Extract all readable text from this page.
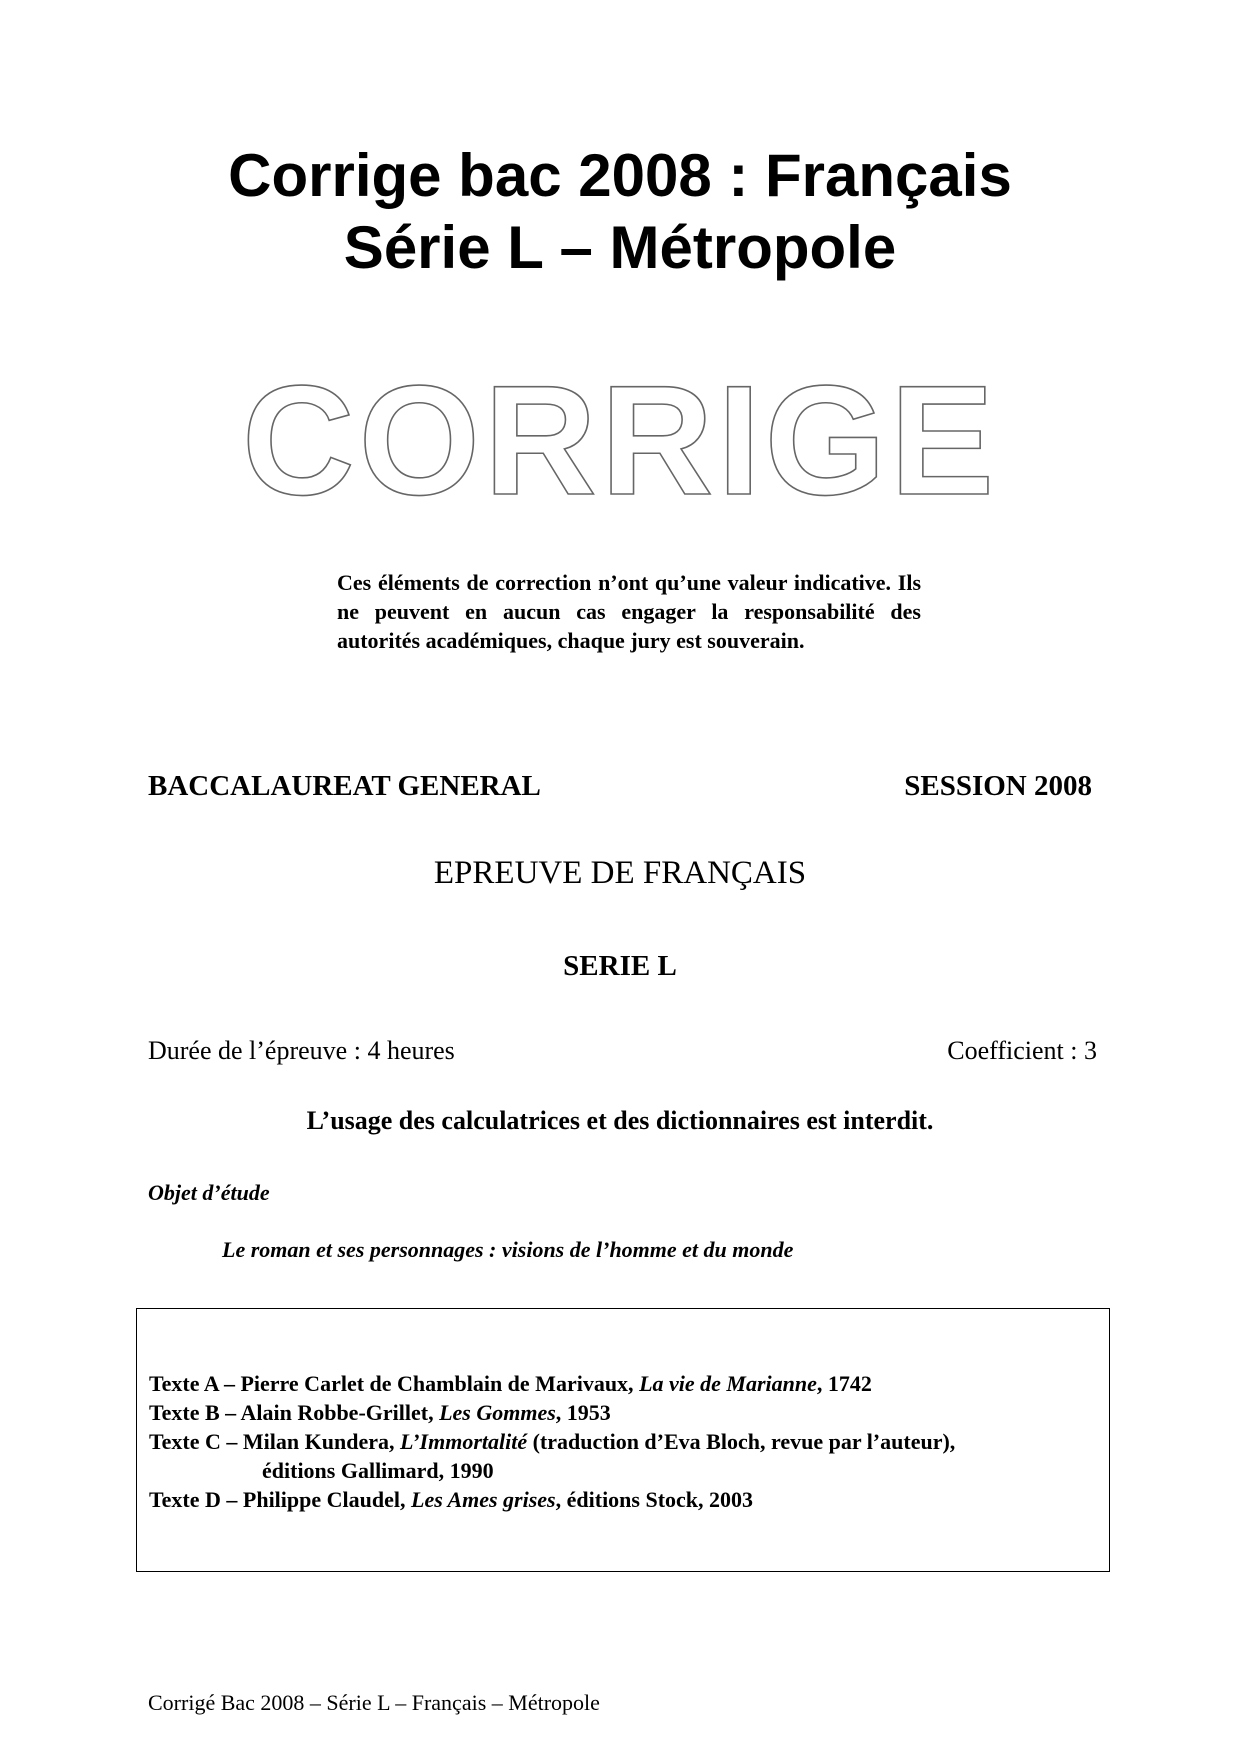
Corrige bac 2008 : Français
Série L – Métropole
CORRIGE
Ces éléments de correction n’ont qu’une valeur indicative. Ils ne peuvent en aucun cas engager la responsabilité des autorités académiques, chaque jury est souverain.
BACCALAUREAT GENERAL	SESSION 2008
EPREUVE DE FRANÇAIS
SERIE L
Durée de l’épreuve : 4 heures	Coefficient : 3
L’usage des calculatrices et des dictionnaires est interdit.
Objet d’étude
Le roman et ses personnages : visions de l’homme et du monde
Texte A – Pierre Carlet de Chamblain de Marivaux, La vie de Marianne, 1742
Texte B – Alain Robbe-Grillet, Les Gommes, 1953
Texte C – Milan Kundera, L’Immortalité (traduction d’Eva Bloch, revue par l’auteur),
éditions Gallimard, 1990
Texte D – Philippe Claudel, Les Ames grises, éditions Stock, 2003
Corrigé Bac 2008 – Série L – Français – Métropole
